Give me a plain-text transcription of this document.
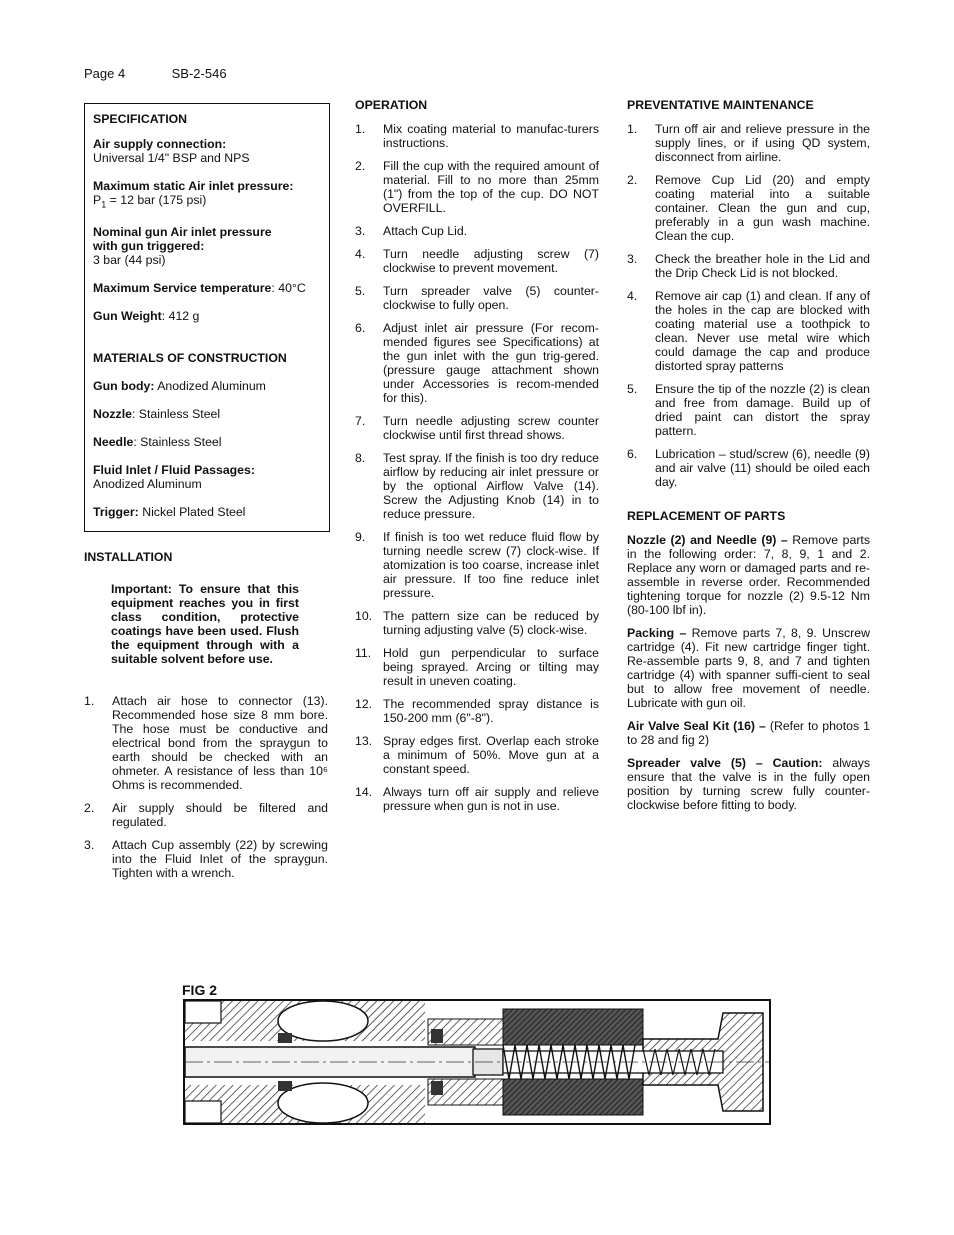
Page 4	SB-2-546
SPECIFICATION
Air supply connection:
Universal 1/4" BSP and NPS
Maximum static Air inlet pressure:
$P_1 = 12$ bar (175 psi)
Nominal gun Air inlet pressure
with gun triggered:
3 bar (44 psi)
Maximum Service temperature: 40°C
Gun Weight: 412 g
MATERIALS OF CONSTRUCTION
Gun body: Anodized Aluminum
Nozzle: Stainless Steel
Needle: Stainless Steel
Fluid Inlet / Fluid Passages:
Anodized Aluminum
Trigger: Nickel Plated Steel
INSTALLATION
Important: To ensure that this equipment reaches you in first class condition, protective coatings have been used. Flush the equipment through with a suitable solvent before use.
1. Attach air hose to connector (13). Recommended hose size 8 mm bore. The hose must be conductive and electrical bond from the spraygun to earth should be checked with an ohmeter. A resistance of less than 10⁶ Ohms is recommended.
2. Air supply should be filtered and regulated.
3. Attach Cup assembly (22) by screwing into the Fluid Inlet of the spraygun. Tighten with a wrench.
OPERATION
1. Mix coating material to manufac-turers instructions.
2. Fill the cup with the required amount of material. Fill to no more than 25mm (1") from the top of the cup. DO NOT OVERFILL.
3. Attach Cup Lid.
4. Turn needle adjusting screw (7) clockwise to prevent movement.
5. Turn spreader valve (5) counter-clockwise to fully open.
6. Adjust inlet air pressure (For recom-mended figures see Specifications) at the gun inlet with the gun trig-gered. (pressure gauge attachment shown under Accessories is recom-mended for this).
7. Turn needle adjusting screw counter clockwise until first thread shows.
8. Test spray. If the finish is too dry reduce airflow by reducing air inlet pressure or by the optional Airflow Valve (14). Screw the Adjusting Knob (14) in to reduce pressure.
9. If finish is too wet reduce fluid flow by turning needle screw (7) clock-wise. If atomization is too coarse, increase inlet air pressure. If too fine reduce inlet pressure.
10. The pattern size can be reduced by turning adjusting valve (5) clock-wise.
11. Hold gun perpendicular to surface being sprayed. Arcing or tilting may result in uneven coating.
12. The recommended spray distance is 150-200 mm (6"-8").
13. Spray edges first. Overlap each stroke a minimum of 50%. Move gun at a constant speed.
14. Always turn off air supply and relieve pressure when gun is not in use.
PREVENTATIVE MAINTENANCE
1. Turn off air and relieve pressure in the supply lines, or if using QD system, disconnect from airline.
2. Remove Cup Lid (20) and empty coating material into a suitable container. Clean the gun and cup, preferably in a gun wash machine. Clean the cup.
3. Check the breather hole in the Lid and the Drip Check Lid is not blocked.
4. Remove air cap (1) and clean. If any of the holes in the cap are blocked with coating material use a toothpick to clean. Never use metal wire which could damage the cap and produce distorted spray patterns
5. Ensure the tip of the nozzle (2) is clean and free from damage. Build up of dried paint can distort the spray pattern.
6. Lubrication – stud/screw (6), needle (9) and air valve (11) should be oiled each day.
REPLACEMENT OF PARTS
Nozzle (2) and Needle (9) – Remove parts in the following order: 7, 8, 9, 1 and 2. Replace any worn or damaged parts and re-assemble in reverse order. Recommended tightening torque for nozzle (2) 9.5-12 Nm (80-100 lbf in).
Packing – Remove parts 7, 8, 9. Unscrew cartridge (4). Fit new cartridge finger tight. Re-assemble parts 9, 8, and 7 and tighten cartridge (4) with spanner suffi-cient to seal but to allow free movement of needle. Lubricate with gun oil.
Air Valve Seal Kit (16) – (Refer to photos 1 to 28 and fig 2)
Spreader valve (5) – Caution: always ensure that the valve is in the fully open position by turning screw fully counter-clockwise before fitting to body.
FIG 2
